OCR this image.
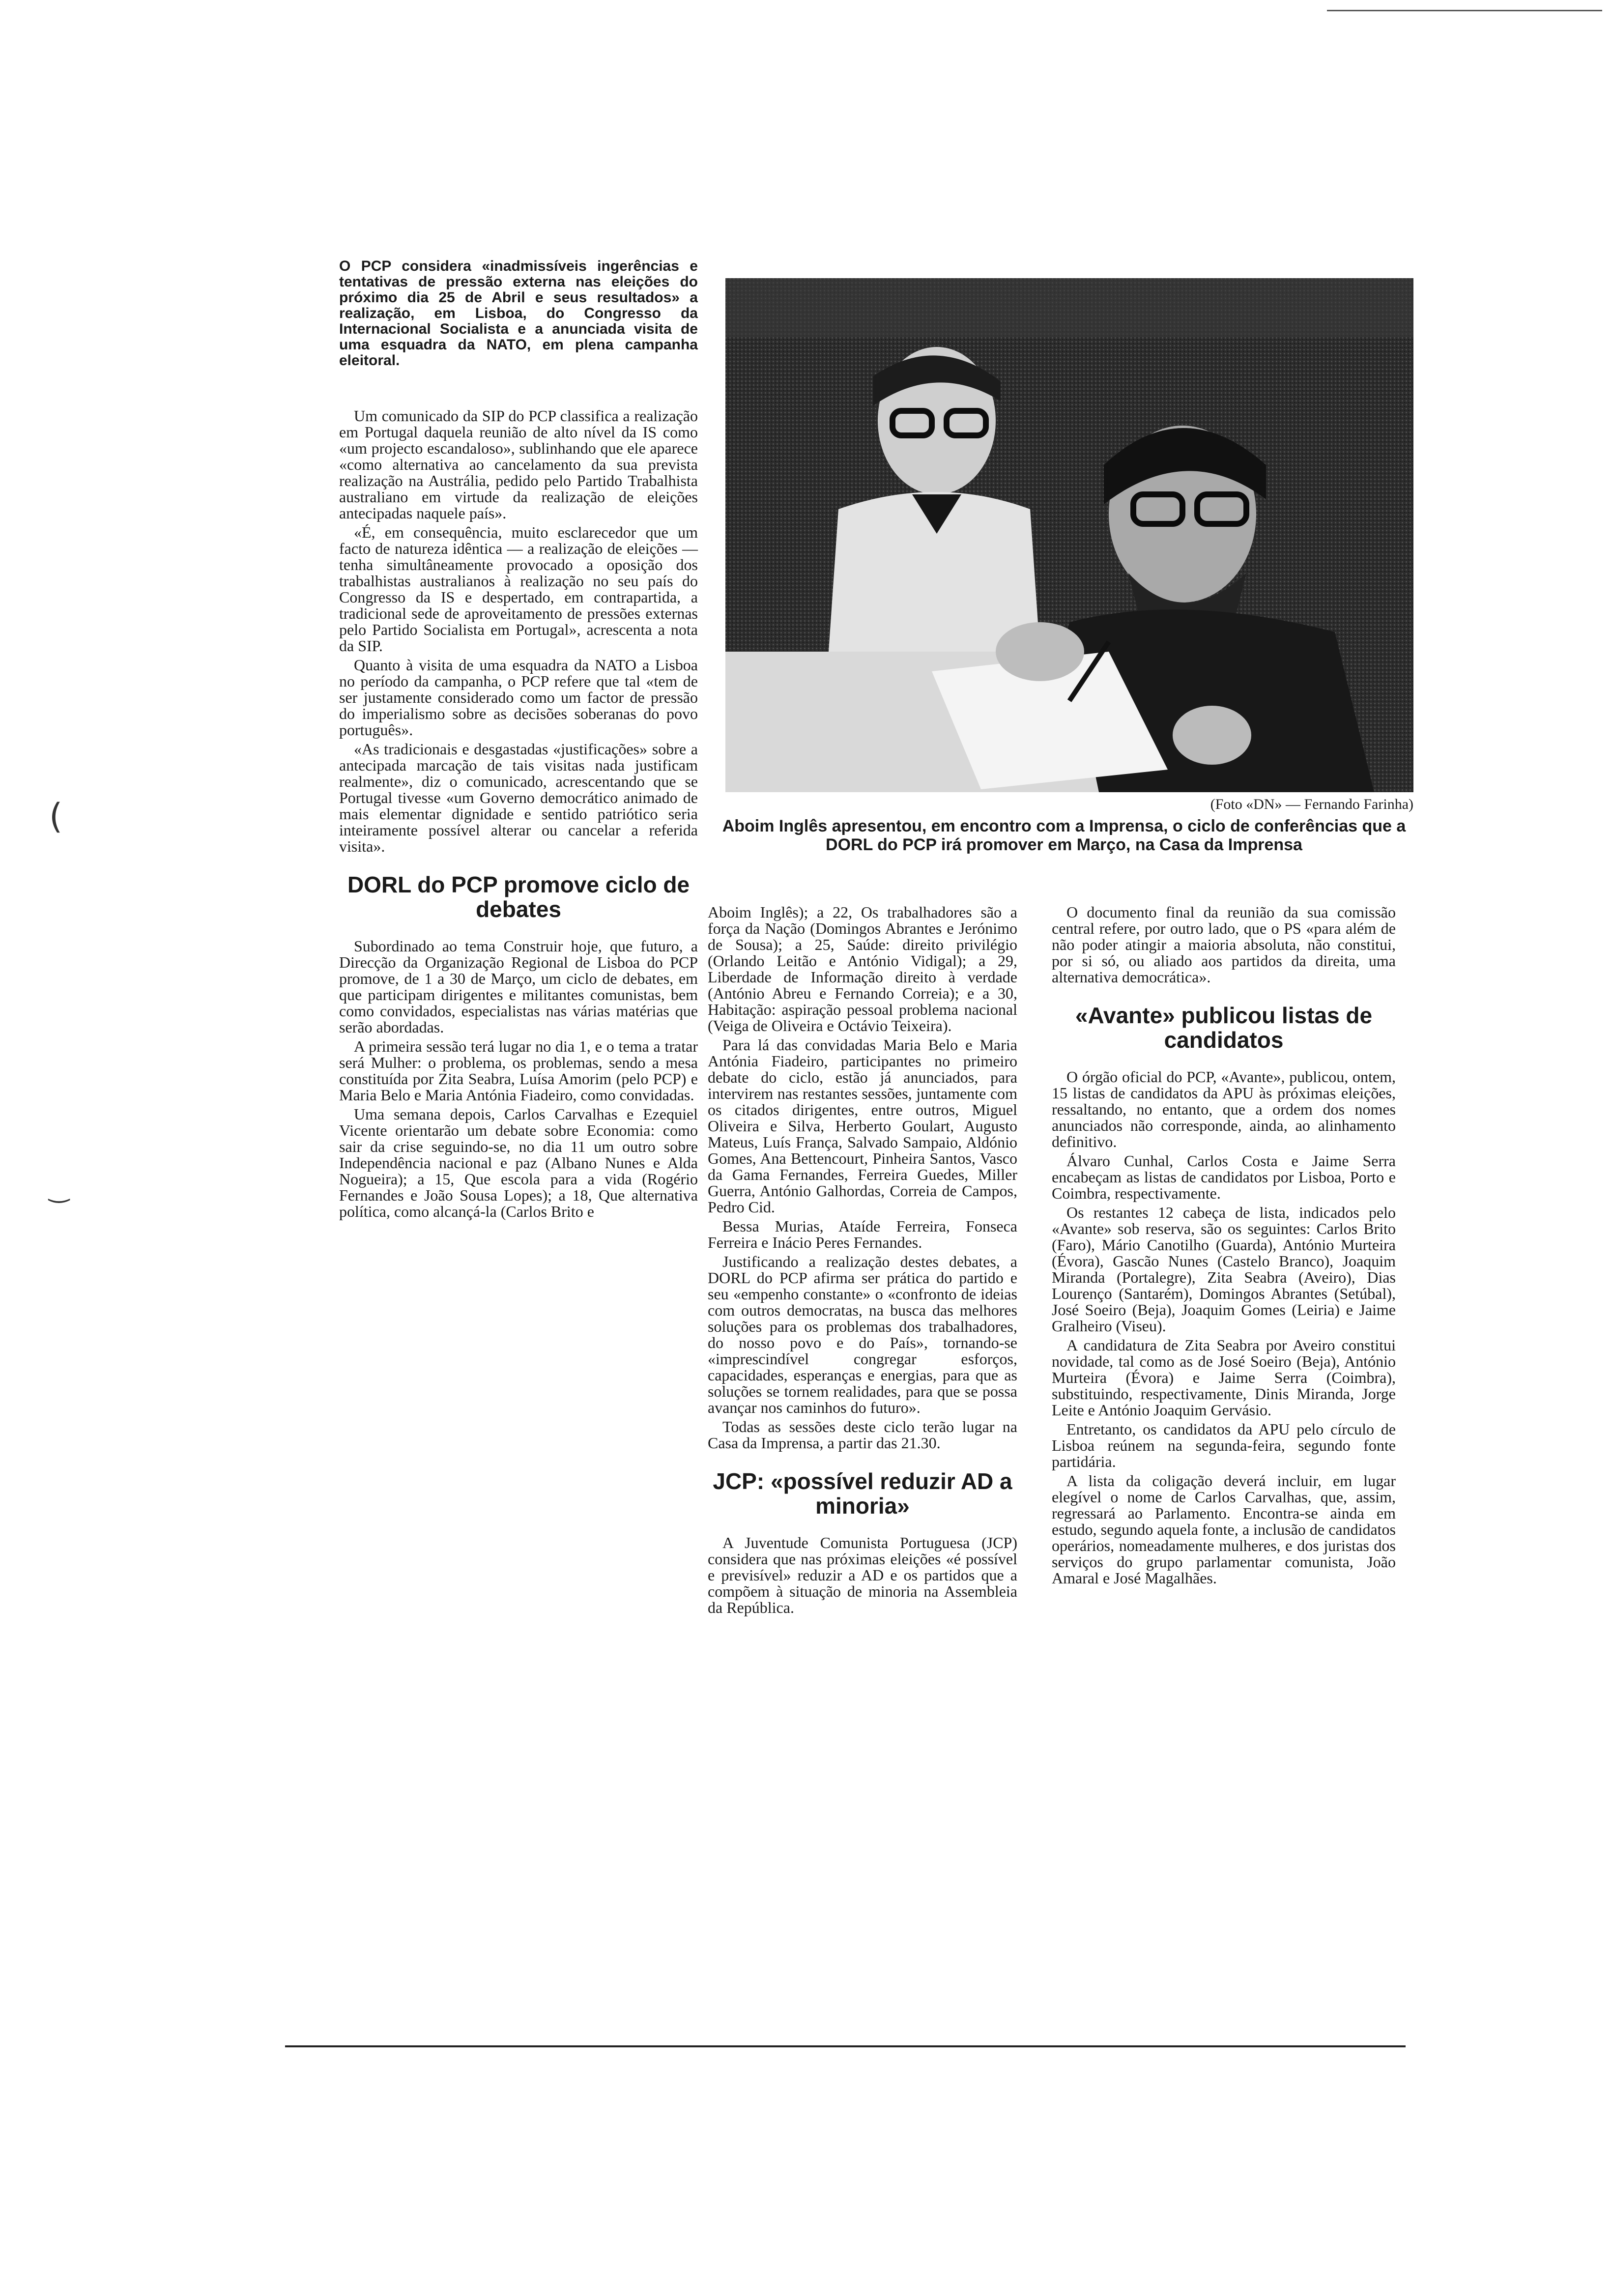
(
‿

O PCP considera «inadmissíveis ingerências e tentativas de pressão externa nas eleições do próximo dia 25 de Abril e seus resultados» a realização, em Lisboa, do Congresso da Internacional Socialista e a anunciada visita de uma esquadra da NATO, em plena campanha eleitoral.

Um comunicado da SIP do PCP classifica a realização em Portugal daquela reunião de alto nível da IS como «um projecto escandaloso», sublinhando que ele aparece «como alternativa ao cancelamento da sua prevista realização na Austrália, pedido pelo Partido Trabalhista australiano em virtude da realização de eleições antecipadas naquele país».

«É, em consequência, muito esclarecedor que um facto de natureza idêntica — a realização de eleições — tenha simultâneamente provocado a oposição dos trabalhistas australianos à realização no seu país do Congresso da IS e despertado, em contrapartida, a tradicional sede de aproveitamento de pressões externas pelo Partido Socialista em Portugal», acrescenta a nota da SIP.

Quanto à visita de uma esquadra da NATO a Lisboa no período da campanha, o PCP refere que tal «tem de ser justamente considerado como um factor de pressão do imperialismo sobre as decisões soberanas do povo português».

«As tradicionais e desgastadas «justificações» sobre a antecipada marcação de tais visitas nada justificam realmente», diz o comunicado, acrescentando que se Portugal tivesse «um Governo democrático animado de mais elementar dignidade e sentido patriótico seria inteiramente possível alterar ou cancelar a referida visita».

DORL do PCP promove ciclo de debates

Subordinado ao tema Construir hoje, que futuro, a Direcção da Organização Regional de Lisboa do PCP promove, de 1 a 30 de Março, um ciclo de debates, em que participam dirigentes e militantes comunistas, bem como convidados, especialistas nas várias matérias que serão abordadas.

A primeira sessão terá lugar no dia 1, e o tema a tratar será Mulher: o problema, os problemas, sendo a mesa constituída por Zita Seabra, Luísa Amorim (pelo PCP) e Maria Belo e Maria Antónia Fiadeiro, como convidadas.

Uma semana depois, Carlos Carvalhas e Ezequiel Vicente orientarão um debate sobre Economia: como sair da crise seguindo-se, no dia 11 um outro sobre Independência nacional e paz (Albano Nunes e Alda Nogueira); a 15, Que escola para a vida (Rogério Fernandes e João Sousa Lopes); a 18, Que alternativa política, como alcançá-la (Carlos Brito e

(Foto «DN» — Fernando Farinha)
Aboim Inglês apresentou, em encontro com a Imprensa, o ciclo de conferências que a DORL do PCP irá promover em Março, na Casa da Imprensa

Aboim Inglês); a 22, Os trabalhadores são a força da Nação (Domingos Abrantes e Jerónimo de Sousa); a 25, Saúde: direito privilégio (Orlando Leitão e António Vidigal); a 29, Liberdade de Informação direito à verdade (António Abreu e Fernando Correia); e a 30, Habitação: aspiração pessoal problema nacional (Veiga de Oliveira e Octávio Teixeira).

Para lá das convidadas Maria Belo e Maria Antónia Fiadeiro, participantes no primeiro debate do ciclo, estão já anunciados, para intervirem nas restantes sessões, juntamente com os citados dirigentes, entre outros, Miguel Oliveira e Silva, Herberto Goulart, Augusto Mateus, Luís França, Salvado Sampaio, Aldónio Gomes, Ana Bettencourt, Pinheira Santos, Vasco da Gama Fernandes, Ferreira Guedes, Miller Guerra, António Galhordas, Correia de Campos, Pedro Cid.

Bessa Murias, Ataíde Ferreira, Fonseca Ferreira e Inácio Peres Fernandes.

Justificando a realização destes debates, a DORL do PCP afirma ser prática do partido e seu «empenho constante» o «confronto de ideias com outros democratas, na busca das melhores soluções para os problemas dos trabalhadores, do nosso povo e do País», tornando-se «imprescindível congregar esforços, capacidades, esperanças e energias, para que as soluções se tornem realidades, para que se possa avançar nos caminhos do futuro».

Todas as sessões deste ciclo terão lugar na Casa da Imprensa, a partir das 21.30.

JCP: «possível reduzir AD a minoria»

A Juventude Comunista Portuguesa (JCP) considera que nas próximas eleições «é possível e previsível» reduzir a AD e os partidos que a compõem à situação de minoria na Assembleia da República.

O documento final da reunião da sua comissão central refere, por outro lado, que o PS «para além de não poder atingir a maioria absoluta, não constitui, por si só, ou aliado aos partidos da direita, uma alternativa democrática».

«Avante» publicou listas de candidatos

O órgão oficial do PCP, «Avante», publicou, ontem, 15 listas de candidatos da APU às próximas eleições, ressaltando, no entanto, que a ordem dos nomes anunciados não corresponde, ainda, ao alinhamento definitivo.

Álvaro Cunhal, Carlos Costa e Jaime Serra encabeçam as listas de candidatos por Lisboa, Porto e Coimbra, respectivamente.

Os restantes 12 cabeça de lista, indicados pelo «Avante» sob reserva, são os seguintes: Carlos Brito (Faro), Mário Canotilho (Guarda), António Murteira (Évora), Gascão Nunes (Castelo Branco), Joaquim Miranda (Portalegre), Zita Seabra (Aveiro), Dias Lourenço (Santarém), Domingos Abrantes (Setúbal), José Soeiro (Beja), Joaquim Gomes (Leiria) e Jaime Gralheiro (Viseu).

A candidatura de Zita Seabra por Aveiro constitui novidade, tal como as de José Soeiro (Beja), António Murteira (Évora) e Jaime Serra (Coimbra), substituindo, respectivamente, Dinis Miranda, Jorge Leite e António Joaquim Gervásio.

Entretanto, os candidatos da APU pelo círculo de Lisboa reúnem na segunda-feira, segundo fonte partidária.

A lista da coligação deverá incluir, em lugar elegível o nome de Carlos Carvalhas, que, assim, regressará ao Parlamento. Encontra-se ainda em estudo, segundo aquela fonte, a inclusão de candidatos operários, nomeadamente mulheres, e dos juristas dos serviços do grupo parlamentar comunista, João Amaral e José Magalhães.
